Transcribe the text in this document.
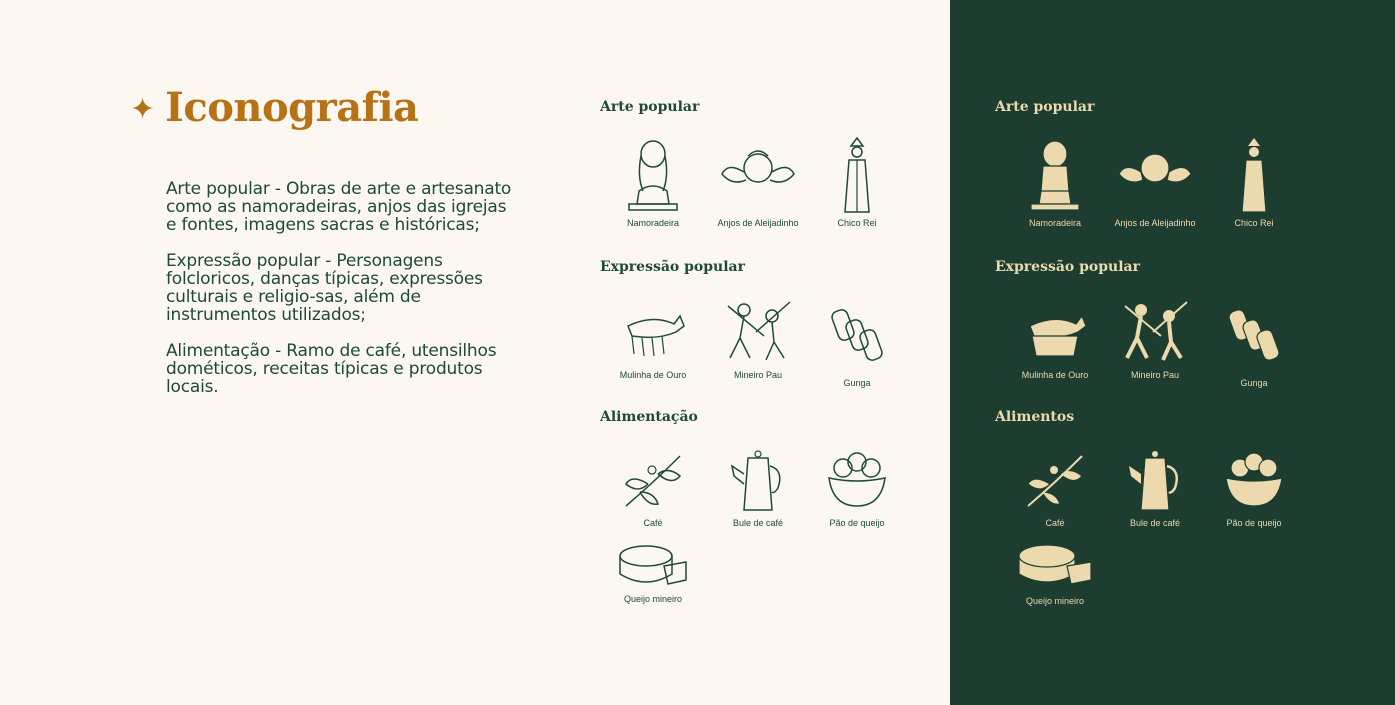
✦ Iconografia

Arte popular - Obras de arte e artesanato como as namoradeiras, anjos das igrejas e fontes, imagens sacras e históricas;

Expressão popular - Personagens folcloricos, danças típicas, expressões culturais e religio-sas, além de instrumentos utilizados;

Alimentação - Ramo de café, utensilhos dométicos, receitas típicas e produtos locais.

Arte popular
Expressão popular
Alimentação
Namoradeira	Anjos de Aleijadinho	Chico Rei
Mulinha de Ouro	Mineiro Pau
Gunga
Café	Bule de café	Pão de queijo
Queijo mineiro
Arte popular
Expressão popular
Alimentos
Namoradeira	Anjos de Aleijadinho	Chico Rei
Mulinha de Ouro	Mineiro Pau
Gunga
Café	Bule de café	Pão de queijo
Queijo mineiro
